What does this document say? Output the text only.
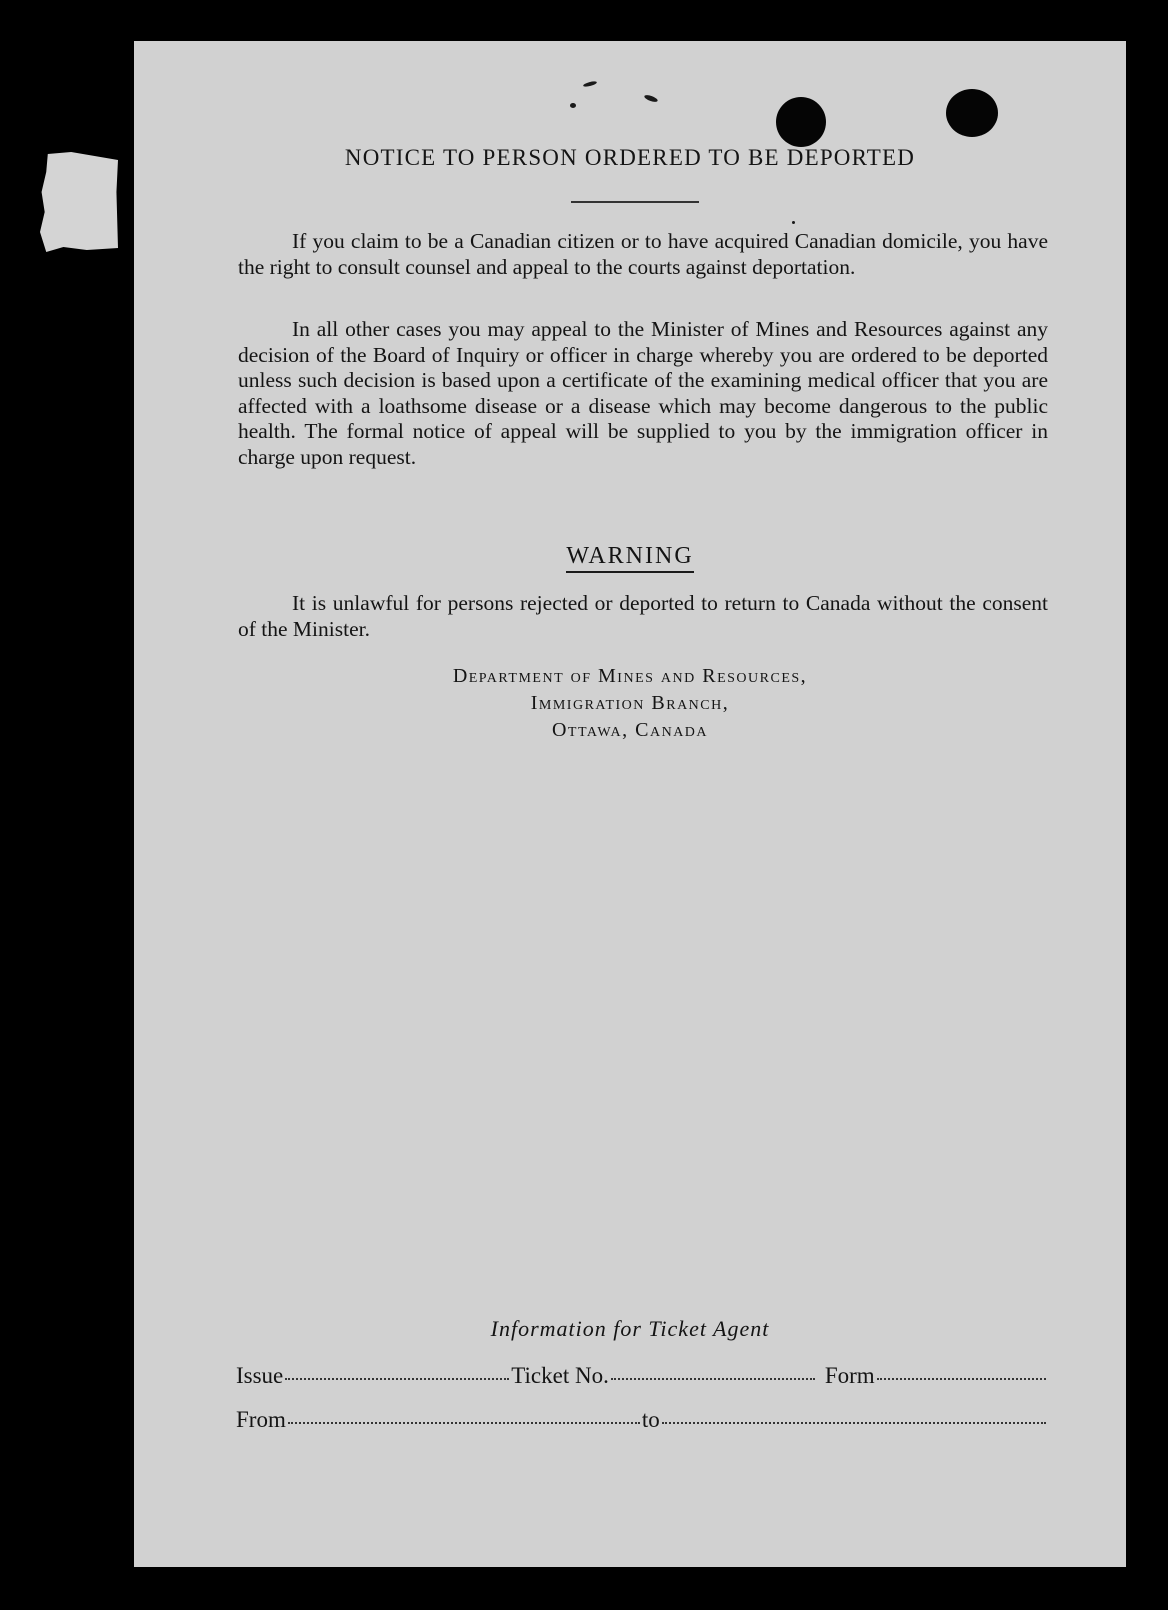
NOTICE TO PERSON ORDERED TO BE DEPORTED

If you claim to be a Canadian citizen or to have acquired Canadian domicile, you have the right to consult counsel and appeal to the courts against deportation.

In all other cases you may appeal to the Minister of Mines and Resources against any decision of the Board of Inquiry or officer in charge whereby you are ordered to be deported unless such decision is based upon a certificate of the examining medical officer that you are affected with a loathsome disease or a disease which may become dangerous to the public health. The formal notice of appeal will be supplied to you by the immigration officer in charge upon request.

WARNING

It is unlawful for persons rejected or deported to return to Canada without the consent of the Minister.

Department of Mines and Resources,
Immigration Branch,
Ottawa, Canada

Information for Ticket Agent

Issue	Ticket No.	Form
From	to
